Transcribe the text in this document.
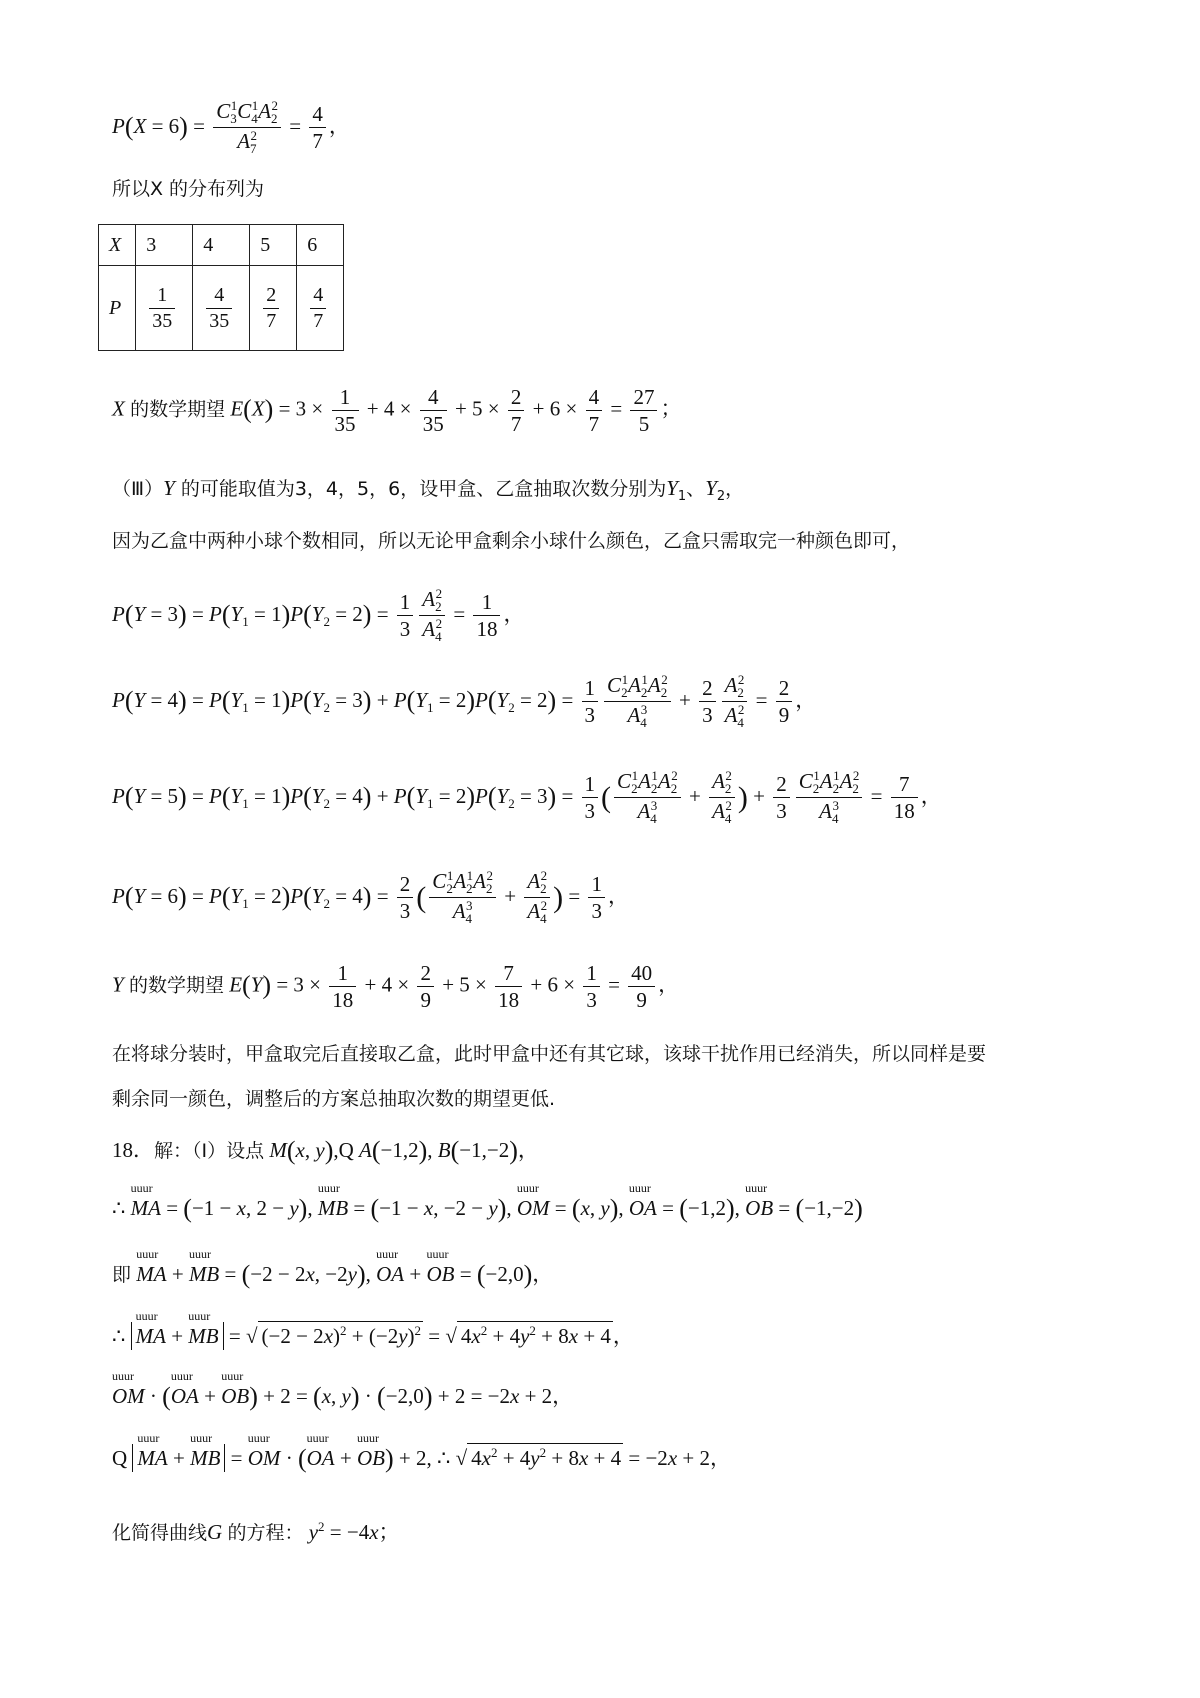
$P(X = 6) = \frac{C_3^1C_4^1A_2^2}{A_7^2} = \frac{4}{7}$ ，
所以X 的分布列为
X	3	4	5	6
P	$\frac{1}{35}$	$\frac{4}{35}$	$\frac{2}{7}$	$\frac{4}{7}$
X 的数学期望 $E(X) = 3 \times \frac{1}{35} + 4 \times \frac{4}{35} + 5 \times \frac{2}{7} + 6 \times \frac{4}{7} = \frac{27}{5}$ ；
（Ⅲ）Y 的可能取值为3，4，5，6，设甲盒、乙盒抽取次数分别为$Y_1$、$Y_2$，
因为乙盒中两种小球个数相同，所以无论甲盒剩余小球什么颜色，乙盒只需取完一种颜色即可，
$P(Y = 3) = P(Y_1 = 1)P(Y_2 = 2) = \frac{1}{3} \frac{A_2^2}{A_4^2} = \frac{1}{18}$ ，
$P(Y = 4) = P(Y_1 = 1)P(Y_2 = 3) + P(Y_1 = 2)P(Y_2 = 2) = \frac{1}{3} \frac{C_2^1A_2^1A_2^2}{A_4^3} + \frac{2}{3} \frac{A_2^2}{A_4^2} = \frac{2}{9}$ ，
$P(Y = 5) = P(Y_1 = 1)P(Y_2 = 4) + P(Y_1 = 2)P(Y_2 = 3) = \frac{1}{3}$ ( $\frac{C_2^1A_2^1A_2^2}{A_4^3} + \frac{A_2^2}{A_4^2}$ ) + $\frac{2}{3} \frac{C_2^1A_2^1A_2^2}{A_4^3} = \frac{7}{18}$ ，
$P(Y = 6) = P(Y_1 = 2)P(Y_2 = 4) = \frac{2}{3}$ ( $\frac{C_2^1A_2^1A_2^2}{A_4^3} + \frac{A_2^2}{A_4^2}$ ) = $\frac{1}{3}$ ，
Y 的数学期望 $E(Y) = 3 \times \frac{1}{18} + 4 \times \frac{2}{9} + 5 \times \frac{7}{18} + 6 \times \frac{1}{3} = \frac{40}{9}$ ，
在将球分装时，甲盒取完后直接取乙盒，此时甲盒中还有其它球，该球干扰作用已经消失，所以同样是要
剩余同一颜色，调整后的方案总抽取次数的期望更低.
18．解：（Ⅰ）设点 M(x, y),Q A(−1,2), B(−1,−2)，
∴ uuur MA = (−1 − x, 2 − y), uuur MB = (−1 − x, −2 − y), uuur OM = (x, y), uuur OA = (−1,2), uuur OB = (−1,−2)
即 uuur MA + uuur MB = (−2 − 2x, −2y), uuur OA + uuur OB = (−2,0)，
∴ uuur MA + uuur MB = √ $(-2 - 2x)^2 + (-2y)^2$ = √ $4x^2 + 4y^2 + 8x + 4$，
uuur OM · (uuur OA + uuur OB) + 2 = (x, y) · (−2,0) + 2 = −2x + 2，
Q uuur MA + uuur MB = uuur OM · (uuur OA + uuur OB) + 2, ∴ √ $4x^2 + 4y^2 + 8x + 4 = -2x + 2$，
化简得曲线G 的方程： $y^2 = -4x$；
